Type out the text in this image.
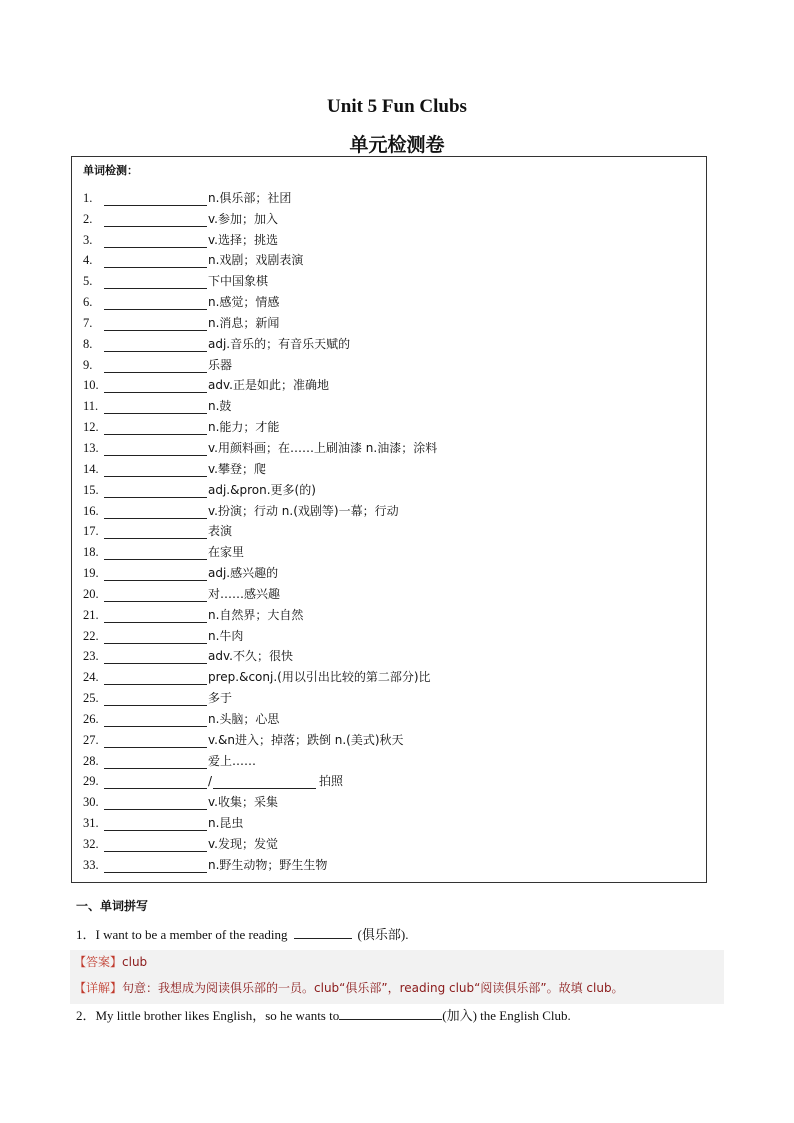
Unit 5 Fun Clubs
单元检测卷
单词检测：
1.	n.俱乐部；社团
2.	v.参加；加入
3.	v.选择；挑选
4.	n.戏剧；戏剧表演
5.	下中国象棋
6.	n.感觉；情感
7.	n.消息；新闻
8.	adj.音乐的；有音乐天赋的
9.	乐器
10.	adv.正是如此；准确地
11.	n.鼓
12.	n.能力；才能
13.	v.用颜料画；在……上刷油漆 n.油漆；涂料
14.	v.攀登；爬
15.	adj.&pron.更多(的)
16.	v.扮演；行动 n.(戏剧等)一幕；行动
17.	表演
18.	在家里
19.	adj.感兴趣的
20.	对……感兴趣
21.	n.自然界；大自然
22.	n.牛肉
23.	adv.不久；很快
24.	prep.&conj.(用以引出比较的第二部分)比
25.	多于
26.	n.头脑；心思
27.	v.&n进入；掉落；跌倒 n.(美式)秋天
28.	爱上……
29.	/	拍照
30.	v.收集；采集
31.	n.昆虫
32.	v.发现；发觉
33.	n.野生动物；野生生物
一、单词拼写
1．I want to be a member of the reading	(俱乐部).
【答案】club
【详解】句意：我想成为阅读俱乐部的一员。club“俱乐部”，reading club“阅读俱乐部”。故填 club。
2．My little brother likes English，so he wants to	(加入) the English Club.
